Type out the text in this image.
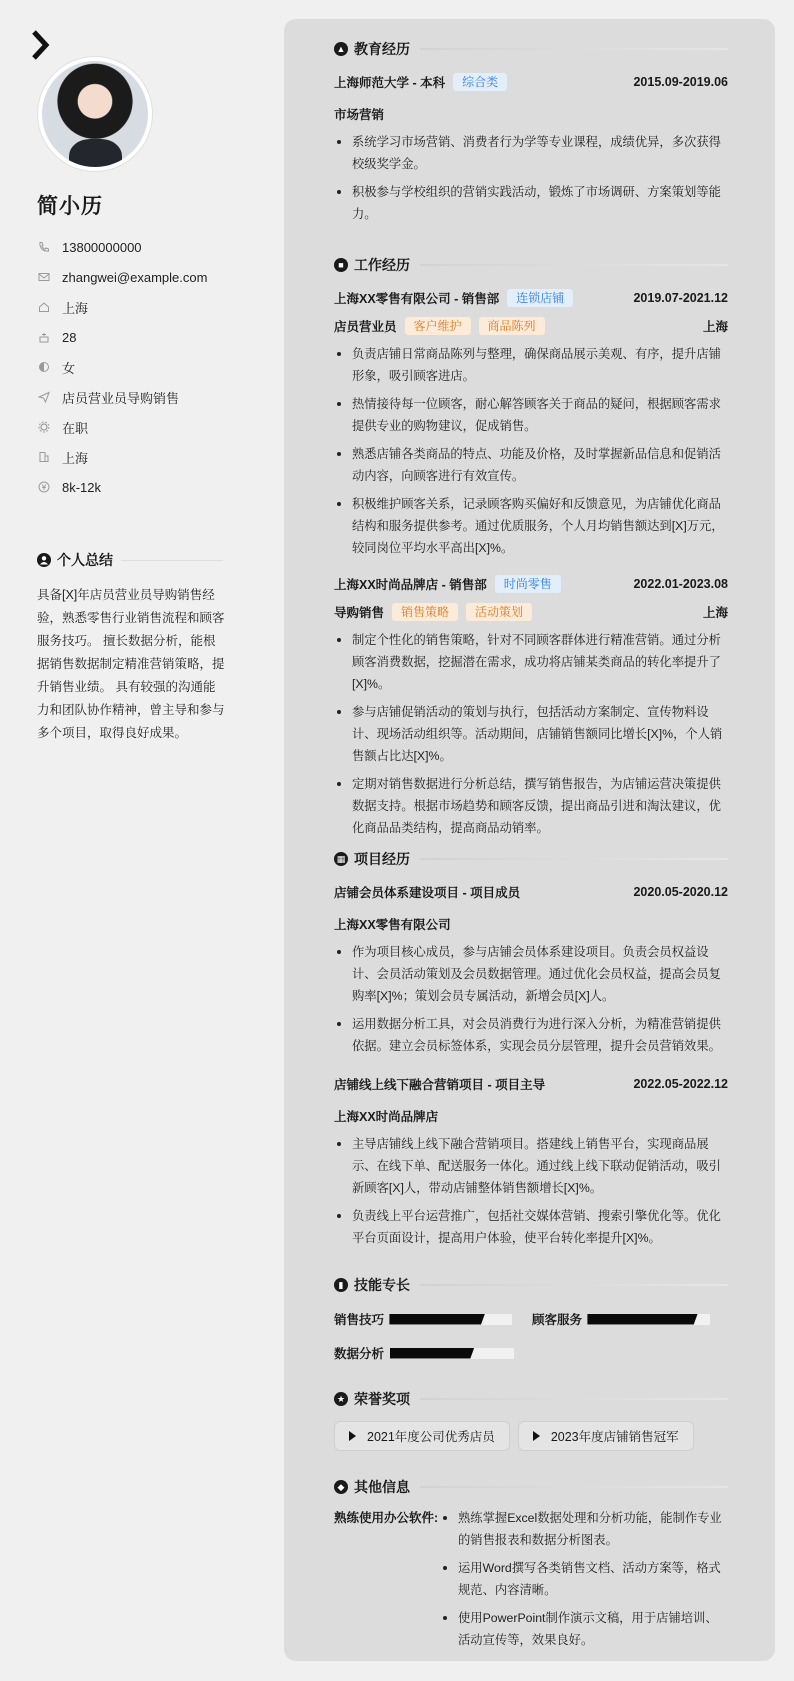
简小历
13800000000
zhangwei@example.com
上海
28
女
店员营业员导购销售
在职
上海
8k-12k
个人总结
具备[X]年店员营业员导购销售经验，熟悉零售行业销售流程和顾客服务技巧。 擅长数据分析，能根据销售数据制定精准营销策略，提升销售业绩。 具有较强的沟通能力和团队协作精神，曾主导和参与多个项目，取得良好成果。
▲ 教育经历
上海师范大学 - 本科	综合类	2015.09-2019.06
市场营销
系统学习市场营销、消费者行为学等专业课程，成绩优异，多次获得校级奖学金。
积极参与学校组织的营销实践活动，锻炼了市场调研、方案策划等能力。
■ 工作经历
上海XX零售有限公司 - 销售部	连锁店铺	2019.07-2021.12
店员营业员	客户维护	商品陈列	上海
负责店铺日常商品陈列与整理，确保商品展示美观、有序，提升店铺形象，吸引顾客进店。
热情接待每一位顾客，耐心解答顾客关于商品的疑问，根据顾客需求提供专业的购物建议，促成销售。
熟悉店铺各类商品的特点、功能及价格，及时掌握新品信息和促销活动内容，向顾客进行有效宣传。
积极维护顾客关系，记录顾客购买偏好和反馈意见，为店铺优化商品结构和服务提供参考。通过优质服务，个人月均销售额达到[X]万元，较同岗位平均水平高出[X]%。
上海XX时尚品牌店 - 销售部	时尚零售	2022.01-2023.08
导购销售	销售策略	活动策划	上海
制定个性化的销售策略，针对不同顾客群体进行精准营销。通过分析顾客消费数据，挖掘潜在需求，成功将店铺某类商品的转化率提升了[X]%。
参与店铺促销活动的策划与执行，包括活动方案制定、宣传物料设计、现场活动组织等。活动期间，店铺销售额同比增长[X]%，个人销售额占比达[X]%。
定期对销售数据进行分析总结，撰写销售报告，为店铺运营决策提供数据支持。根据市场趋势和顾客反馈，提出商品引进和淘汰建议，优化商品品类结构，提高商品动销率。
▦ 项目经历
店铺会员体系建设项目 - 项目成员	2020.05-2020.12
上海XX零售有限公司
作为项目核心成员，参与店铺会员体系建设项目。负责会员权益设计、会员活动策划及会员数据管理。通过优化会员权益，提高会员复购率[X]%；策划会员专属活动，新增会员[X]人。
运用数据分析工具，对会员消费行为进行深入分析，为精准营销提供依据。建立会员标签体系，实现会员分层管理，提升会员营销效果。
店铺线上线下融合营销项目 - 项目主导	2022.05-2022.12
上海XX时尚品牌店
主导店铺线上线下融合营销项目。搭建线上销售平台，实现商品展示、在线下单、配送服务一体化。通过线上线下联动促销活动，吸引新顾客[X]人，带动店铺整体销售额增长[X]%。
负责线上平台运营推广，包括社交媒体营销、搜索引擎优化等。优化平台页面设计，提高用户体验，使平台转化率提升[X]%。
▮ 技能专长
销售技巧	顾客服务
数据分析
★ 荣誉奖项
2021年度公司优秀店员	2023年度店铺销售冠军
◆ 其他信息
熟练使用办公软件:	熟练掌握Excel数据处理和分析功能，能制作专业的销售报表和数据分析图表。
运用Word撰写各类销售文档、活动方案等，格式规范、内容清晰。
使用PowerPoint制作演示文稿，用于店铺培训、活动宣传等，效果良好。
